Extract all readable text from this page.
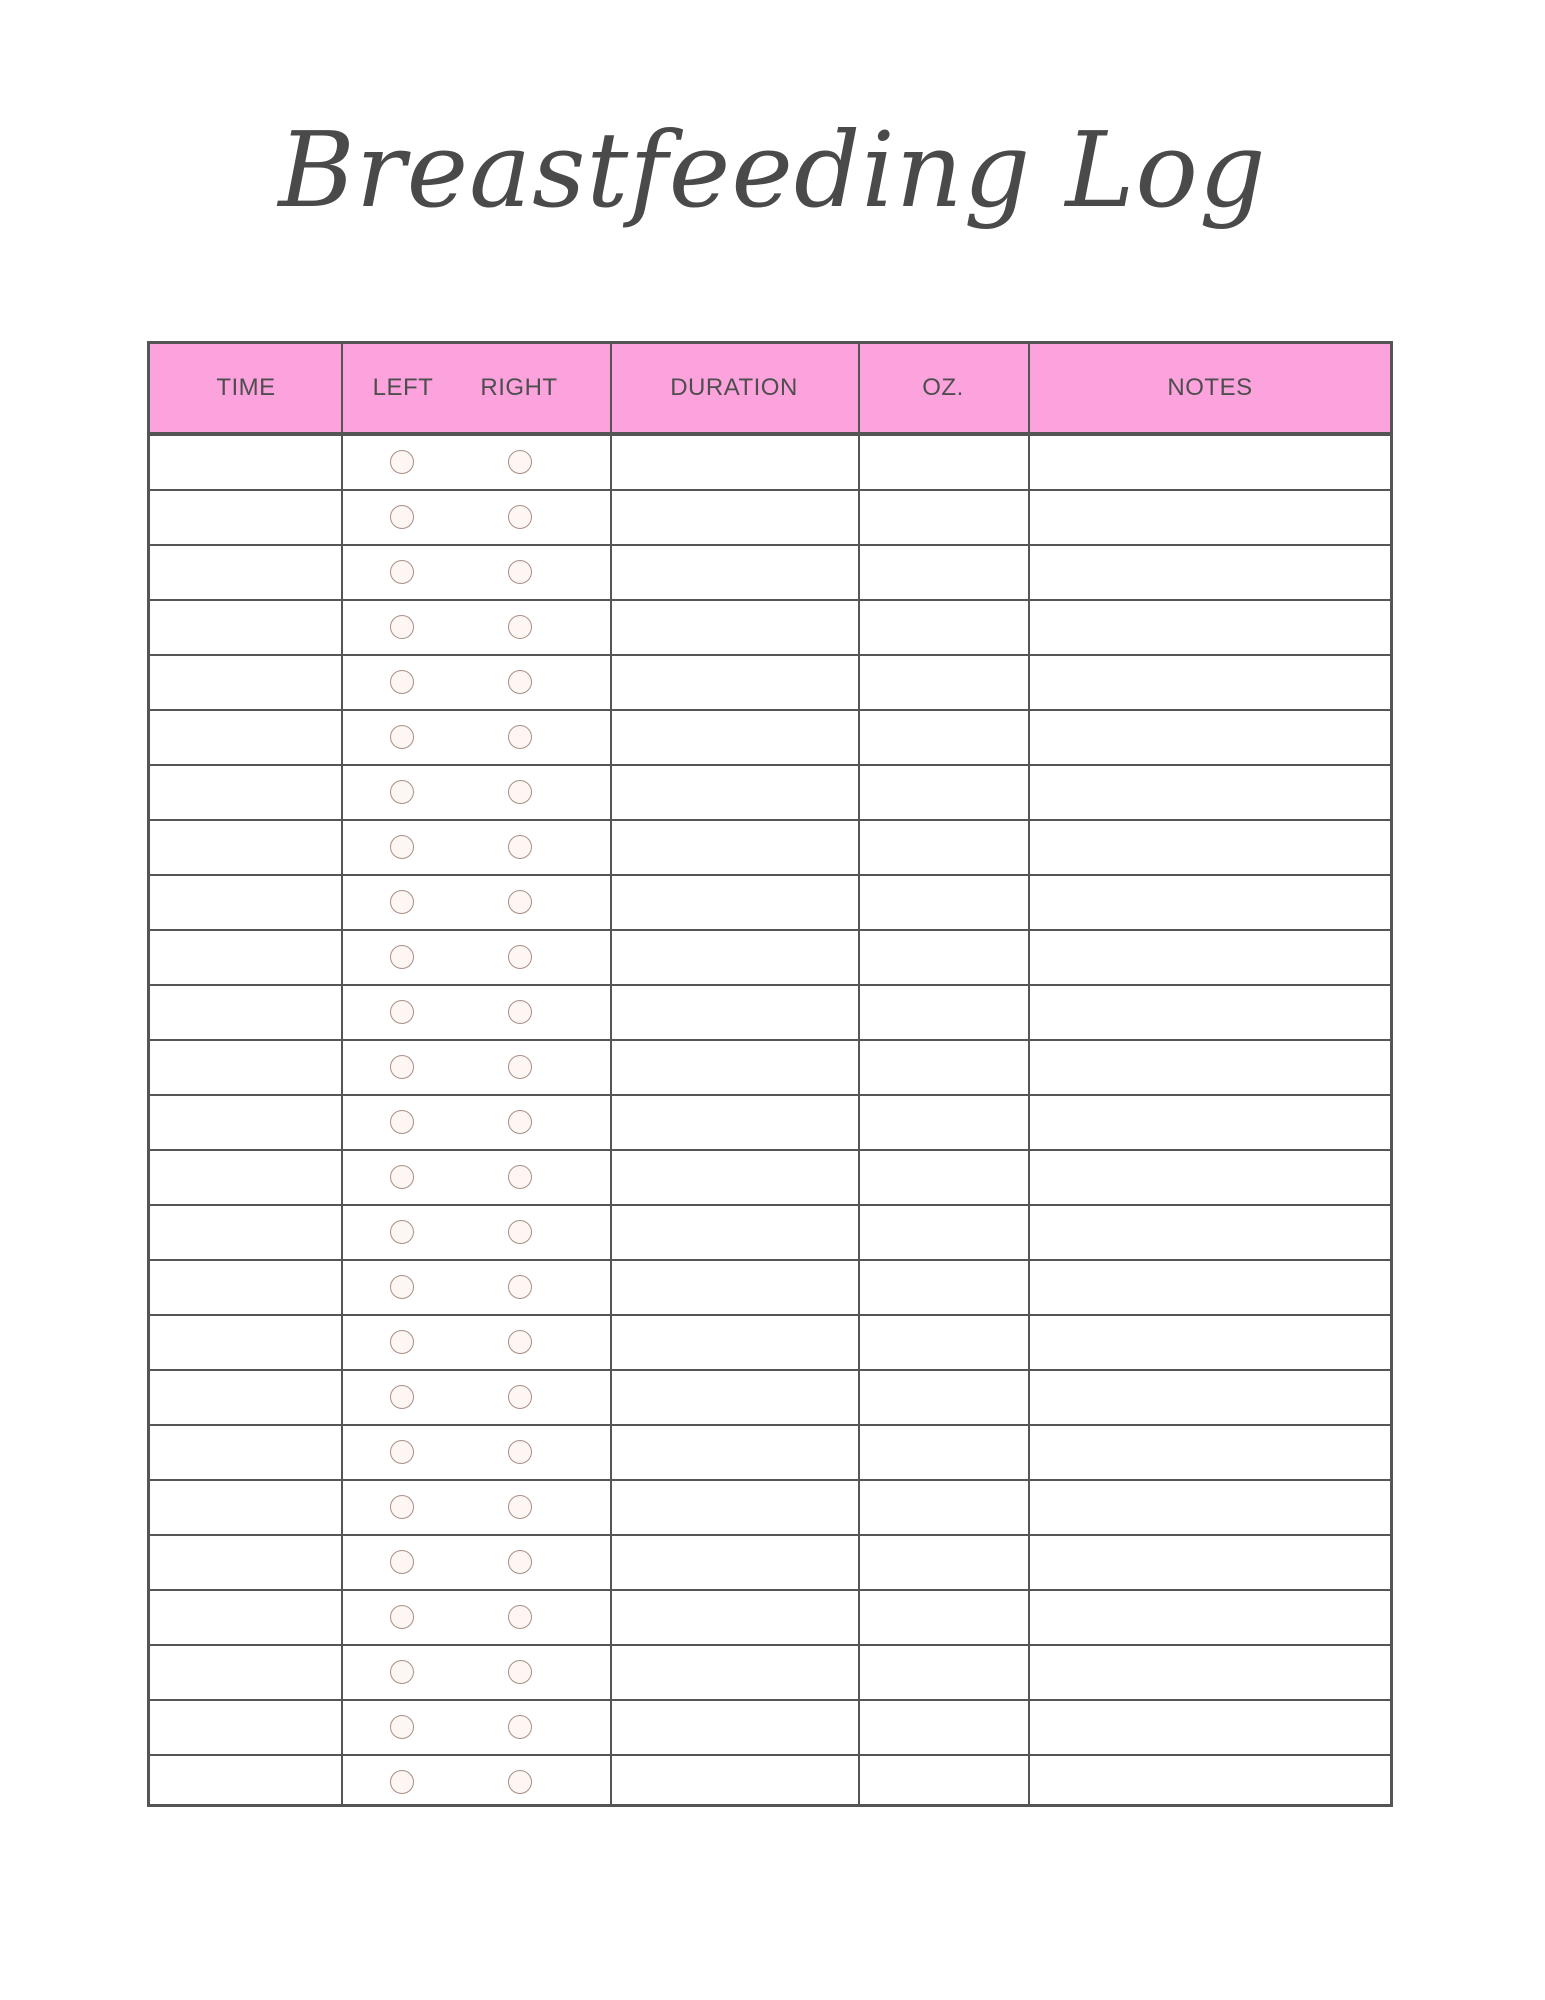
Breastfeeding Log
TIME	LEFT	RIGHT	DURATION	OZ.	NOTES
